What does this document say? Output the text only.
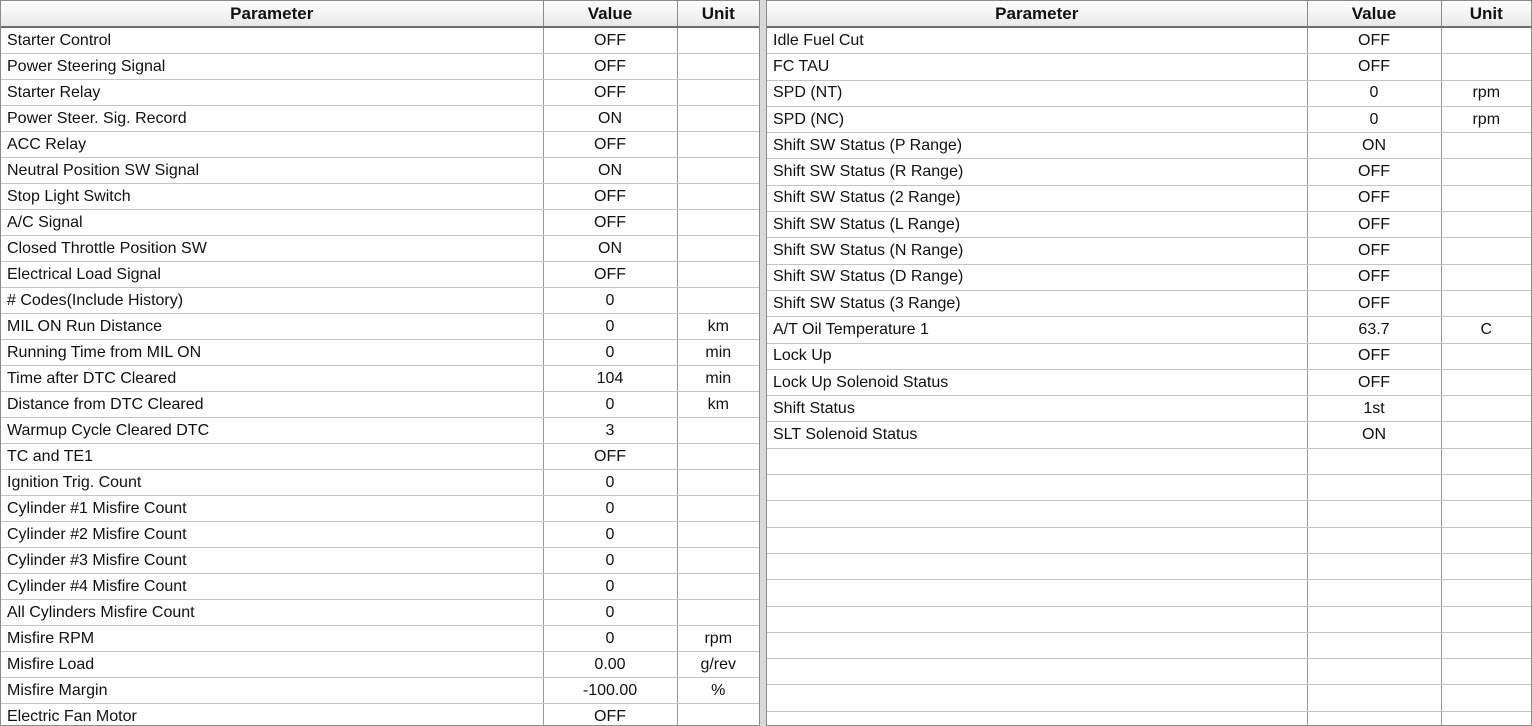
Parameter	Value	Unit
Starter Control	OFF	
Power Steering Signal	OFF	
Starter Relay	OFF	
Power Steer. Sig. Record	ON	
ACC Relay	OFF	
Neutral Position SW Signal	ON	
Stop Light Switch	OFF	
A/C Signal	OFF	
Closed Throttle Position SW	ON	
Electrical Load Signal	OFF	
# Codes(Include History)	0	
MIL ON Run Distance	0	km
Running Time from MIL ON	0	min
Time after DTC Cleared	104	min
Distance from DTC Cleared	0	km
Warmup Cycle Cleared DTC	3	
TC and TE1	OFF	
Ignition Trig. Count	0	
Cylinder #1 Misfire Count	0	
Cylinder #2 Misfire Count	0	
Cylinder #3 Misfire Count	0	
Cylinder #4 Misfire Count	0	
All Cylinders Misfire Count	0	
Misfire RPM	0	rpm
Misfire Load	0.00	g/rev
Misfire Margin	-100.00	%
Electric Fan Motor	OFF	
Parameter	Value	Unit
Idle Fuel Cut	OFF	
FC TAU	OFF	
SPD (NT)	0	rpm
SPD (NC)	0	rpm
Shift SW Status (P Range)	ON	
Shift SW Status (R Range)	OFF	
Shift SW Status (2 Range)	OFF	
Shift SW Status (L Range)	OFF	
Shift SW Status (N Range)	OFF	
Shift SW Status (D Range)	OFF	
Shift SW Status (3 Range)	OFF	
A/T Oil Temperature 1	63.7	C
Lock Up	OFF	
Lock Up Solenoid Status	OFF	
Shift Status	1st	
SLT Solenoid Status	ON	
